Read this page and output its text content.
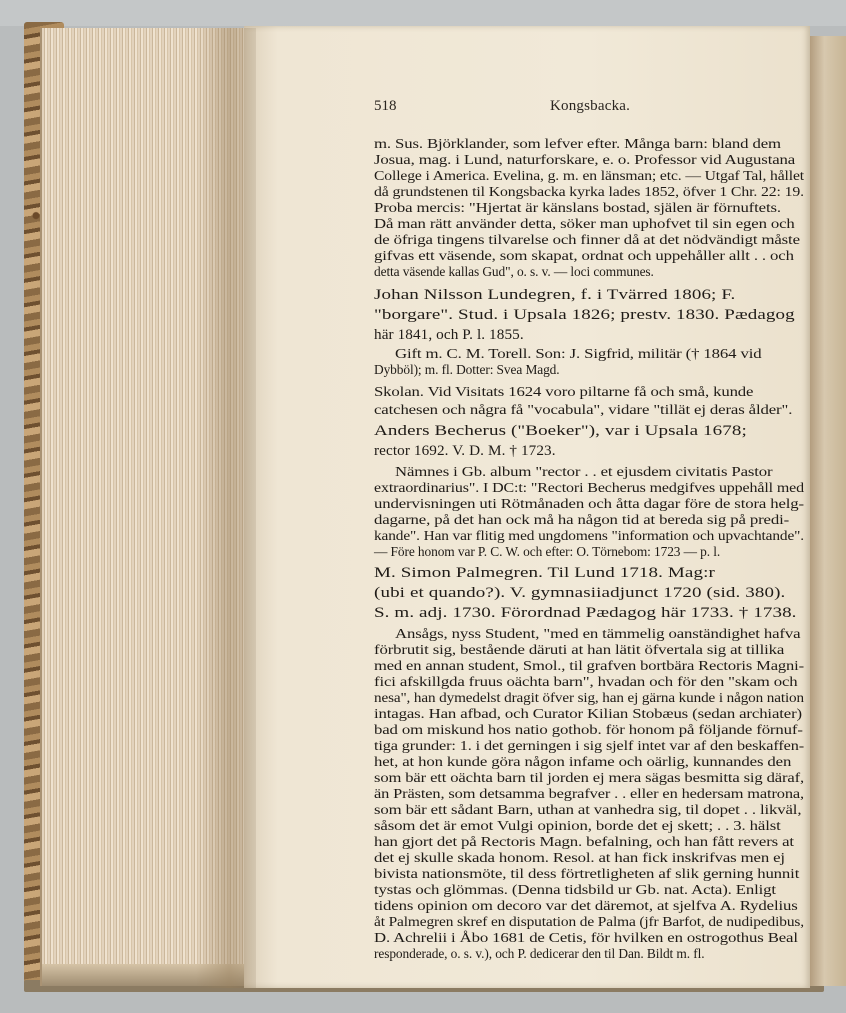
518	Kongsbacka.
m. Sus. Björklander, som lefver efter. Många barn: bland dem
Josua, mag. i Lund, naturforskare, e. o. Professor vid Augustana
College i America. Evelina, g. m. en länsman; etc. — Utgaf Tal, hållet
då grundstenen til Kongsbacka kyrka lades 1852, öfver 1 Chr. 22: 19.
Proba mercis: "Hjertat är känslans bostad, själen är förnuftets.
Då man rätt använder detta, söker man uphofvet til sin egen och
de öfriga tingens tilvarelse och finner då at det nödvändigt måste
gifvas ett väsende, som skapat, ordnat och uppehåller allt . . och
detta väsende kallas Gud", o. s. v. — loci communes.
Johan Nilsson Lundegren, f. i Tvärred 1806; F.
"borgare". Stud. i Upsala 1826; prestv. 1830. Pædagog
här 1841, och P. l. 1855.
Gift m. C. M. Torell. Son: J. Sigfrid, militär († 1864 vid
Dybböl); m. fl. Dotter: Svea Magd.
Skolan. Vid Visitats 1624 voro piltarne få och små, kunde
catchesen och några få "vocabula", vidare "tillät ej deras ålder".
Anders Becherus ("Boeker"), var i Upsala 1678;
rector 1692. V. D. M. † 1723.
Nämnes i Gb. album "rector . . et ejusdem civitatis Pastor
extraordinarius". I DC:t: "Rectori Becherus medgifves uppehåll med
undervisningen uti Rötmånaden och åtta dagar före de stora helg-
dagarne, på det han ock må ha någon tid at bereda sig på predi-
kande". Han var flitig med ungdomens "information och upvachtande".
— Före honom var P. C. W. och efter: O. Törnebom: 1723 — p. l.
M. Simon Palmegren. Til Lund 1718. Mag:r
(ubi et quando?). V. gymnasiiadjunct 1720 (sid. 380).
S. m. adj. 1730. Förordnad Pædagog här 1733. † 1738.
Ansågs, nyss Student, "med en tämmelig oanständighet hafva
förbrutit sig, bestående däruti at han lätit öfvertala sig at tillika
med en annan student, Smol., til grafven bortbära Rectoris Magni-
fici afskillgda fruus oächta barn", hvadan och för den "skam och
nesa", han dymedelst dragit öfver sig, han ej gärna kunde i någon nation
intagas. Han afbad, och Curator Kilian Stobæus (sedan archiater)
bad om miskund hos natio gothob. för honom på följande förnuf-
tiga grunder: 1. i det gerningen i sig sjelf intet var af den beskaffen-
het, at hon kunde göra någon infame och oärlig, kunnandes den
som bär ett oächta barn til jorden ej mera sägas besmitta sig däraf,
än Prästen, som detsamma begrafver . . eller en hedersam matrona,
som bär ett sådant Barn, uthan at vanhedra sig, til dopet . . likväl,
såsom det är emot Vulgi opinion, borde det ej skett; . . 3. hälst
han gjort det på Rectoris Magn. befalning, och han fått revers at
det ej skulle skada honom. Resol. at han fick inskrifvas men ej
bivista nationsmöte, til dess förtretligheten af slik gerning hunnit
tystas och glömmas. (Denna tidsbild ur Gb. nat. Acta). Enligt
tidens opinion om decoro var det däremot, at sjelfva A. Rydelius
åt Palmegren skref en disputation de Palma (jfr Barfot, de nudipedibus,
D. Achrelii i Åbo 1681 de Cetis, för hvilken en ostrogothus Beal
responderade, o. s. v.), och P. dedicerar den til Dan. Bildt m. fl.
